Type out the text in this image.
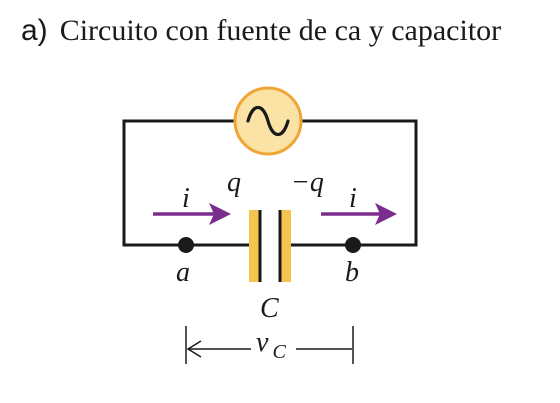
a) Circuito con fuente de ca y capacitor
i	i
q −q
a	b
C
v C
